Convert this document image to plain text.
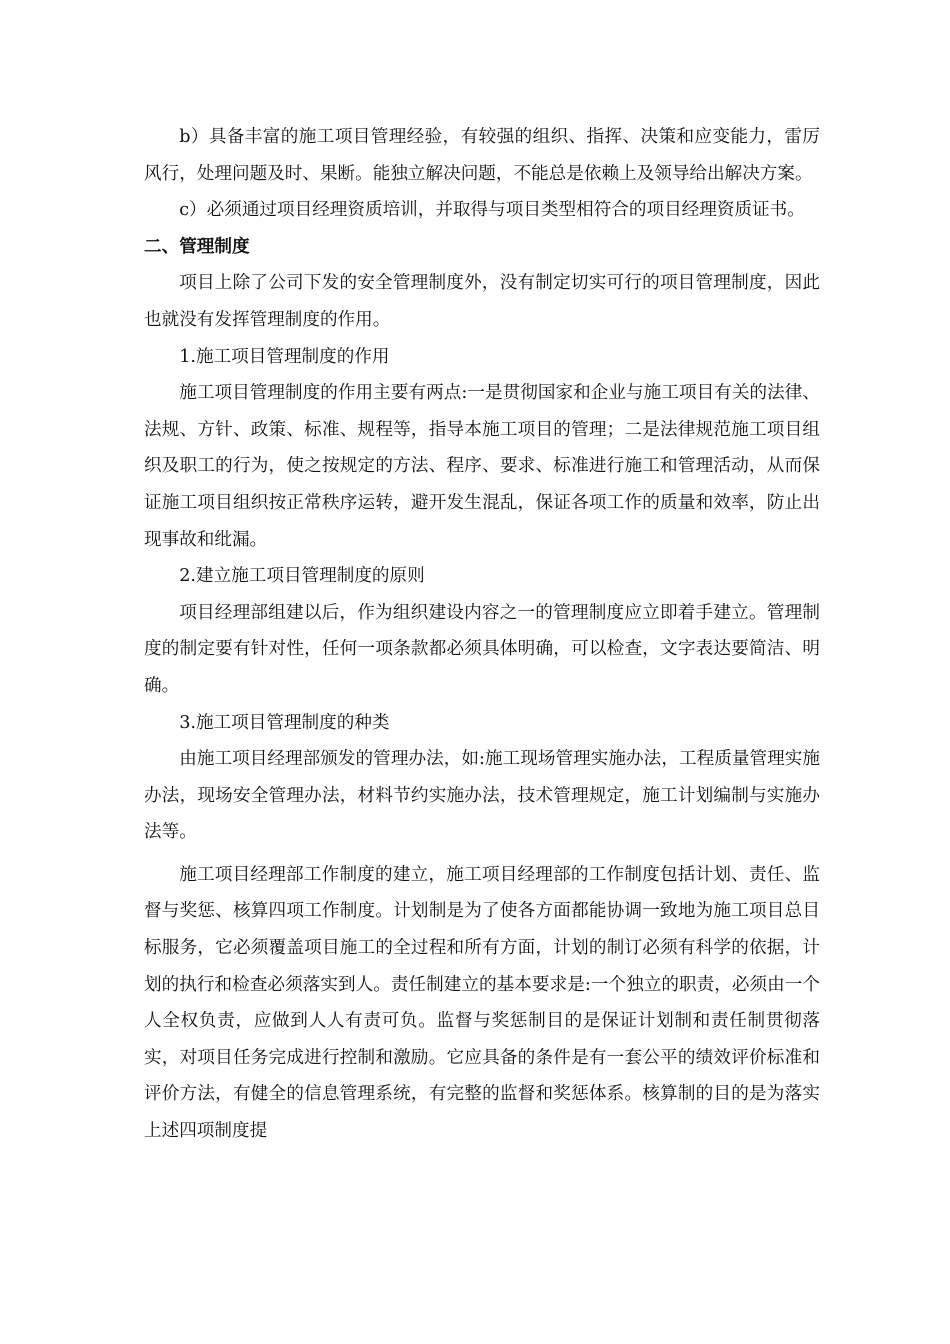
b）具备丰富的施工项目管理经验，有较强的组织、指挥、决策和应变能力，雷厉风行，处理问题及时、果断。能独立解决问题，不能总是依赖上及领导给出解决方案。

c）必须通过项目经理资质培训，并取得与项目类型相符合的项目经理资质证书。

二、管理制度

项目上除了公司下发的安全管理制度外，没有制定切实可行的项目管理制度，因此也就没有发挥管理制度的作用。

1.施工项目管理制度的作用

施工项目管理制度的作用主要有两点:一是贯彻国家和企业与施工项目有关的法律、法规、方针、政策、标准、规程等，指导本施工项目的管理；二是法律规范施工项目组织及职工的行为，使之按规定的方法、程序、要求、标准进行施工和管理活动，从而保证施工项目组织按正常秩序运转，避开发生混乱，保证各项工作的质量和效率，防止出现事故和纰漏。

2.建立施工项目管理制度的原则

项目经理部组建以后，作为组织建设内容之一的管理制度应立即着手建立。管理制度的制定要有针对性，任何一项条款都必须具体明确，可以检查，文字表达要简洁、明确。

3.施工项目管理制度的种类

由施工项目经理部颁发的管理办法，如:施工现场管理实施办法，工程质量管理实施办法，现场安全管理办法，材料节约实施办法，技术管理规定，施工计划编制与实施办法等。

施工项目经理部工作制度的建立，施工项目经理部的工作制度包括计划、责任、监督与奖惩、核算四项工作制度。计划制是为了使各方面都能协调一致地为施工项目总目标服务，它必须覆盖项目施工的全过程和所有方面，计划的制订必须有科学的依据，计划的执行和检查必须落实到人。责任制建立的基本要求是:一个独立的职责，必须由一个人全权负责，应做到人人有责可负。监督与奖惩制目的是保证计划制和责任制贯彻落实，对项目任务完成进行控制和激励。它应具备的条件是有一套公平的绩效评价标准和评价方法，有健全的信息管理系统，有完整的监督和奖惩体系。核算制的目的是为落实上述四项制度提
